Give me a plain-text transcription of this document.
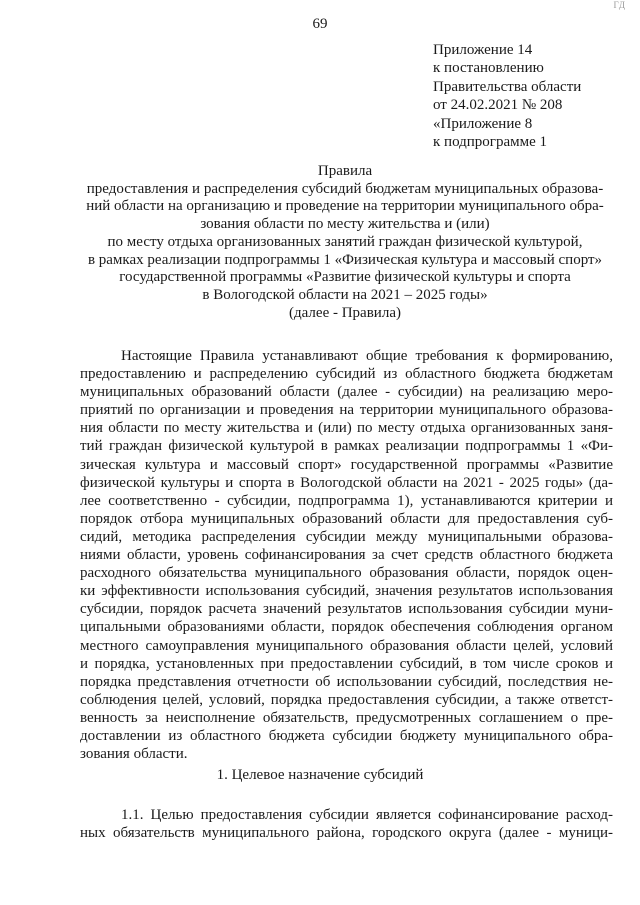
ГД
69
Приложение 14
к постановлению
Правительства области
от 24.02.2021 № 208
«Приложение 8
к подпрограмме 1
Правила
предоставления и распределения субсидий бюджетам муниципальных образова-
ний области на организацию и проведение на территории муниципального обра-
зования области по месту жительства и (или)
по месту отдыха организованных занятий граждан физической культурой,
в рамках реализации подпрограммы 1 «Физическая культура и массовый спорт»
государственной программы «Развитие физической культуры и спорта
в Вологодской области на 2021 – 2025 годы»
(далее - Правила)
Настоящие Правила устанавливают общие требования к формированию,
предоставлению и распределению субсидий из областного бюджета бюджетам
муниципальных образований области (далее - субсидии) на реализацию меро-
приятий по организации и проведения на территории муниципального образова-
ния области по месту жительства и (или) по месту отдыха организованных заня-
тий граждан физической культурой в рамках реализации подпрограммы 1 «Фи-
зическая культура и массовый спорт» государственной программы «Развитие
физической культуры и спорта в Вологодской области на 2021 - 2025 годы» (да-
лее соответственно - субсидии, подпрограмма 1), устанавливаются критерии и
порядок отбора муниципальных образований области для предоставления суб-
сидий, методика распределения субсидии между муниципальными образова-
ниями области, уровень софинансирования за счет средств областного бюджета
расходного обязательства муниципального образования области, порядок оцен-
ки эффективности использования субсидий, значения результатов использования
субсидии, порядок расчета значений результатов использования субсидии муни-
ципальными образованиями области, порядок обеспечения соблюдения органом
местного самоуправления муниципального образования области целей, условий
и порядка, установленных при предоставлении субсидий, в том числе сроков и
порядка представления отчетности об использовании субсидий, последствия не-
соблюдения целей, условий, порядка предоставления субсидии, а также ответст-
венность за неисполнение обязательств, предусмотренных соглашением о пре-
доставлении из областного бюджета субсидии бюджету муниципального обра-
зования области.
1. Целевое назначение субсидий
1.1. Целью предоставления субсидии является софинансирование расход-
ных обязательств муниципального района, городского округа (далее - муници-
